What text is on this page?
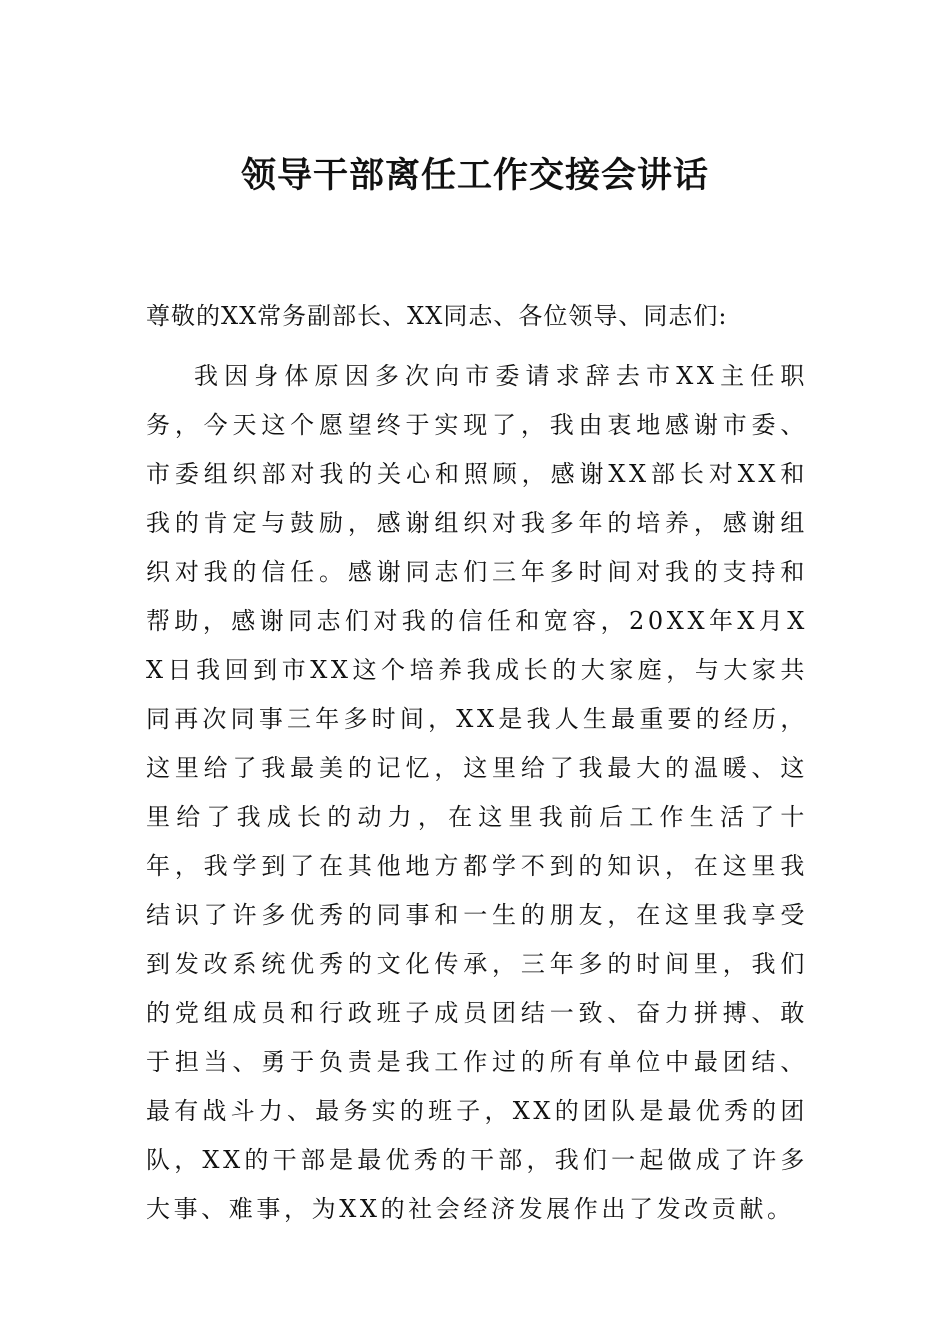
领导干部离任工作交接会讲话

尊敬的XX常务副部长、XX同志、各位领导、同志们:

我因身体原因多次向市委请求辞去市XX主任职务，今天这个愿望终于实现了，我由衷地感谢市委、市委组织部对我的关心和照顾，感谢XX部长对XX和我的肯定与鼓励，感谢组织对我多年的培养，感谢组织对我的信任。感谢同志们三年多时间对我的支持和帮助，感谢同志们对我的信任和宽容，20XX年X月XX日我回到市XX这个培养我成长的大家庭，与大家共同再次同事三年多时间，XX是我人生最重要的经历，这里给了我最美的记忆，这里给了我最大的温暖、这里给了我成长的动力，在这里我前后工作生活了十年，我学到了在其他地方都学不到的知识，在这里我结识了许多优秀的同事和一生的朋友，在这里我享受到发改系统优秀的文化传承，三年多的时间里，我们的党组成员和行政班子成员团结一致、奋力拼搏、敢于担当、勇于负责是我工作过的所有单位中最团结、最有战斗力、最务实的班子，XX的团队是最优秀的团队，XX的干部是最优秀的干部，我们一起做成了许多大事、难事，为XX的社会经济发展作出了发改贡献。
